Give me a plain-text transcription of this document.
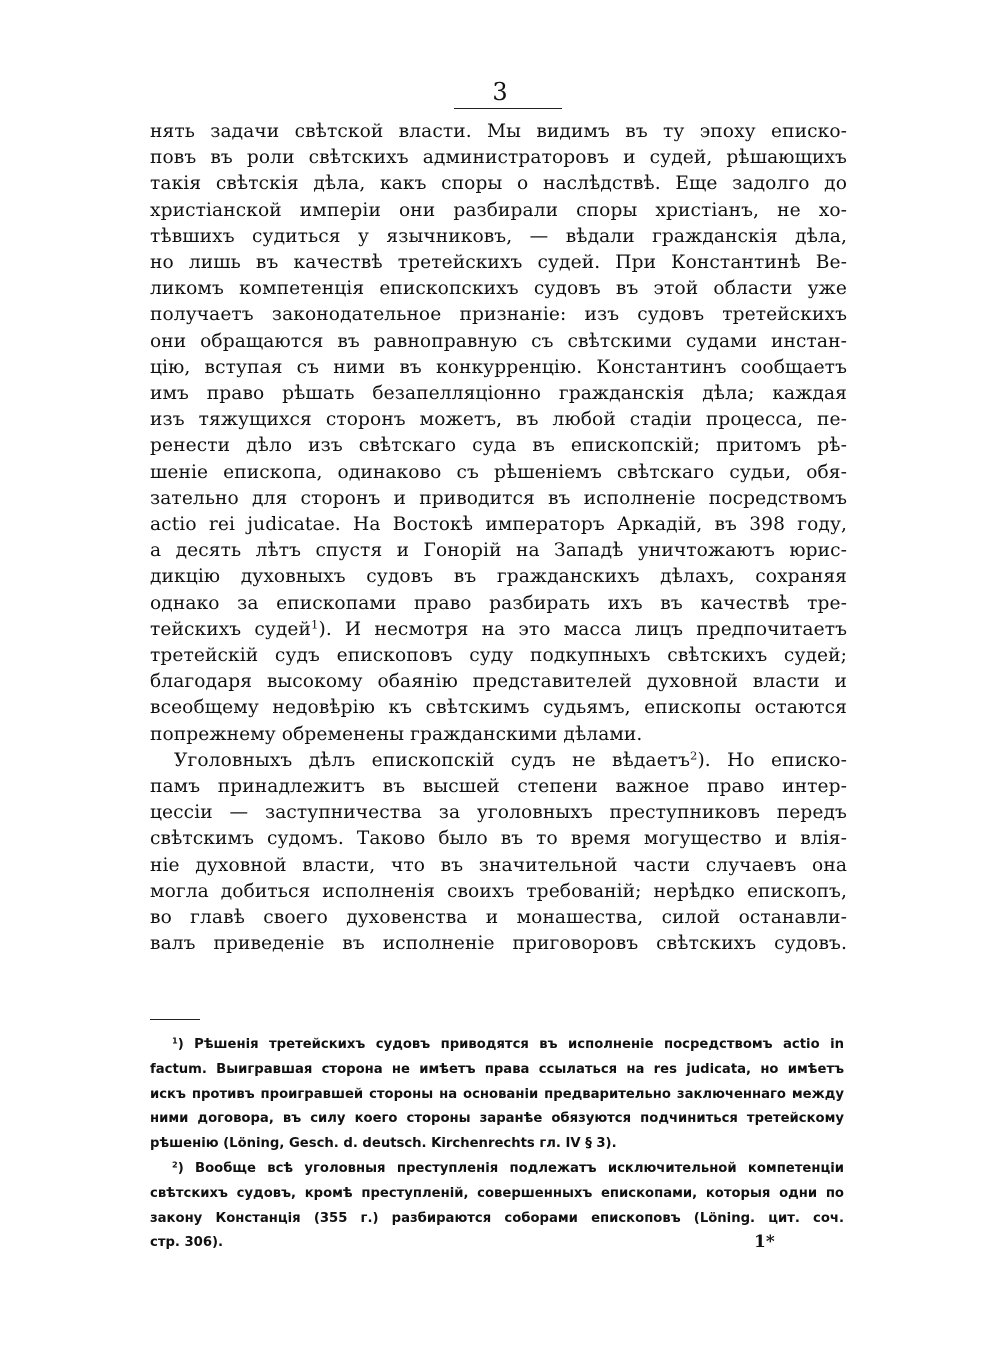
3
нять задачи свѣтской власти. Мы видимъ въ ту эпоху еписко-
повъ въ роли свѣтскихъ администраторовъ и судей, рѣшающихъ
такія свѣтскія дѣла, какъ споры о наслѣдствѣ. Еще задолго до
христіанской имперіи они разбирали споры христіанъ, не хо-
тѣвшихъ судиться у язычниковъ, — вѣдали гражданскія дѣла,
но лишь въ качествѣ третейскихъ судей. При Константинѣ Ве-
ликомъ компетенція епископскихъ судовъ въ этой области уже
получаетъ законодательное признаніе: изъ судовъ третейскихъ
они обращаются въ равноправную съ свѣтскими судами инстан-
цію, вступая съ ними въ конкурренцію. Константинъ сообщаетъ
имъ право рѣшать безапелляціонно гражданскія дѣла; каждая
изъ тяжущихся сторонъ можетъ, въ любой стадіи процесса, пе-
ренести дѣло изъ свѣтскаго суда въ епископскій; притомъ рѣ-
шеніе епископа, одинаково съ рѣшеніемъ свѣтскаго судьи, обя-
зательно для сторонъ и приводится въ исполненіе посредствомъ
actio rei judicatae. На Востокѣ императоръ Аркадій, въ 398 году,
а десять лѣтъ спустя и Гонорій на Западѣ уничтожаютъ юрис-
дикцію духовныхъ судовъ въ гражданскихъ дѣлахъ, сохраняя
однако за епископами право разбирать ихъ въ качествѣ тре-
тейскихъ судей$^1$). И несмотря на это масса лицъ предпочитаетъ
третейскій судъ епископовъ суду подкупныхъ свѣтскихъ судей;
благодаря высокому обаянію представителей духовной власти и
всеобщему недовѣрію къ свѣтскимъ судьямъ, епископы остаются
попрежнему обременены гражданскими дѣлами.
Уголовныхъ дѣлъ епископскій судъ не вѣдаетъ$^2$). Но еписко-
памъ принадлежитъ въ высшей степени важное право интер-
цессіи — заступничества за уголовныхъ преступниковъ передъ
свѣтскимъ судомъ. Таково было въ то время могущество и влія-
ніе духовной власти, что въ значительной части случаевъ она
могла добиться исполненія своихъ требованій; нерѣдко епископъ,
во главѣ своего духовенства и монашества, силой останавли-
валъ приведеніе въ исполненіе приговоровъ свѣтскихъ судовъ.
$^1$) Рѣшенія третейскихъ судовъ приводятся въ исполненіе посредствомъ actio in
factum. Выигравшая сторона не имѣетъ права ссылаться на res judicata, но имѣетъ
искъ противъ проигравшей стороны на основаніи предварительно заключеннаго между
ними договора, въ силу коего стороны заранѣе обязуются подчиниться третейскому
рѣшенію (Löning, Gesch. d. deutsch. Kirchenrechts гл. IV § 3).
$^2$) Вообще всѣ уголовныя преступленія подлежатъ исключительной компетенціи
свѣтскихъ судовъ, кромѣ преступленій, совершенныхъ епископами, которыя одни по
закону Констанція (355 г.) разбираются соборами епископовъ (Löning. цит. соч.
стр. 306).	1*
